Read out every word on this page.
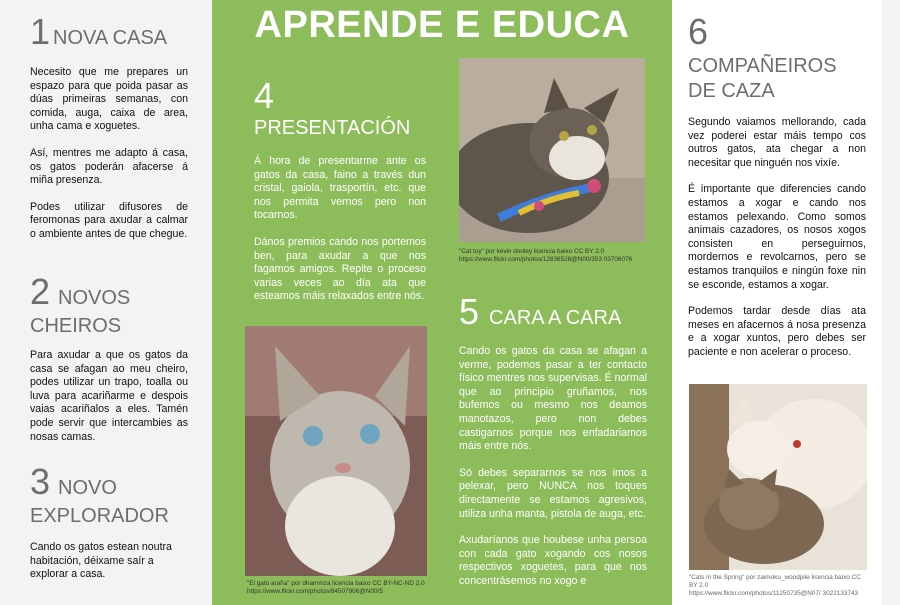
APRENDE E EDUCA
1 NOVA CASA

Necesito que me prepares un espazo para que poida pasar as dúas primeiras semanas, con comida, auga, caixa de area, unha cama e xoguetes.

Así, mentres me adapto á casa, os gatos poderán afacerse á miña presenza.

Podes utilizar difusores de feromonas para axudar a calmar o ambiente antes de que chegue.

2 NOVOS
CHEIROS

Para axudar a que os gatos da casa se afagan ao meu cheiro, podes utilizar un trapo, toalla ou luva para acariñarme e despois vaias acariñalos a eles. Tamén pode servir que intercambies as nosas camas.

3 NOVO
EXPLORADOR

Cando os gatos estean noutra habitación, déixame saír a explorar a casa.

4
PRESENTACIÓN

Á hora de presentarme ante os gatos da casa, faino a través dun cristal, gaiola, trasportín, etc. que nos permita vernos pero non tocarnos.

Dános premios cando nos portemos ben, para axudar a que nos fagamos amigos. Repite o proceso varias veces ao día ata que esteamos máis relaxados entre nós.

"Cat toy" por kevin dooley licencia baixo CC BY 2.0
https://www.flickr.com/photos/12836528@N00/353 03706076
5 CARA A CARA

Cando os gatos da casa se afagan a verme, podemos pasar a ter contacto físico mentres nos supervisas. É normal que ao principio gruñamos, nos bufemos ou mesmo nos deamos manotazos, pero non debes castigarnos porque nos enfadariamos máis entre nós.

Só debes separarnos se nos imos a pelexar, pero NUNCA nos toques directamente se estamos agresivos, utiliza unha manta, pistola de auga, etc.

Axudaríanos que houbese unha persoa con cada gato xogando cos nosos respectivos xoguetes, para que nos concentrásemos no xogo e

"El gato araña" por dhammza licencia baixo CC BY-NC-ND 2.0
https://www.flickr.com/photos/84507906@N00/5
6
COMPAÑEIROS
DE CAZA

Segundo vaiamos mellorando, cada vez poderei estar máis tempo cos outros gatos, ata chegar a non necesitar que ninguén nos vixíe.

É importante que diferencies cando estamos a xogar e cando nos estamos pelexando. Como somos animais cazadores, os nosos xogos consisten en perseguirnos, mordernos e revolcarnos, pero se estamos tranquilos e ningún foxe nin se esconde, estamos a xogar.

Podemos tardar desde días ata meses en afacernos á nosa presenza e a xogar xuntos, pero debes ser paciente e non acelerar o proceso.

"Cats in the Spring" por zaimoku_woodpile licencia baixo CC BY 2.0
https://www.flickr.com/photos/11250735@N07/ 3022133743
